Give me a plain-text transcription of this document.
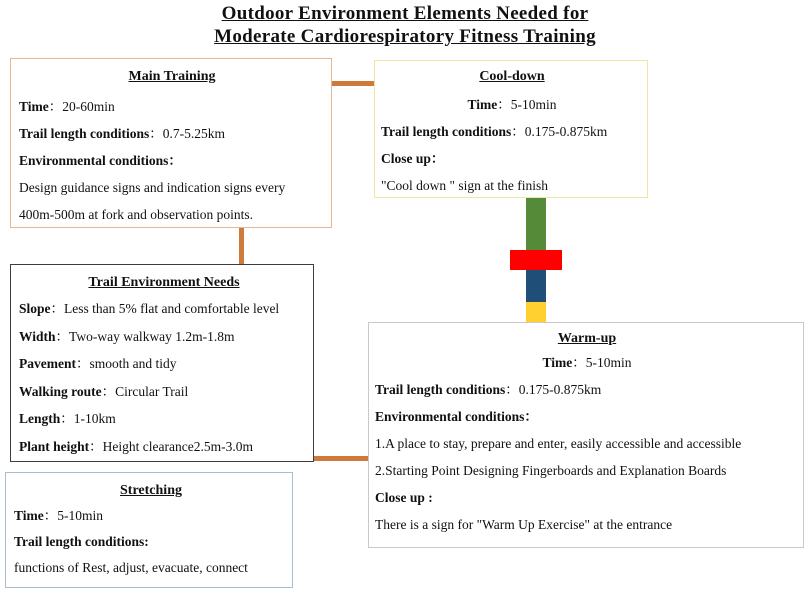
Outdoor Environment Elements Needed for
Moderate Cardiorespiratory Fitness Training
Main Training
Time：20-60min
Trail length conditions：0.7-5.25km
Environmental conditions：
Design guidance signs and indication signs every
400m-500m at fork and observation points.
Cool-down
Time：5-10min
Trail length conditions：0.175-0.875km
Close up：
"Cool down " sign at the finish
Trail Environment Needs
Slope：Less than 5% flat and comfortable level
Width：Two-way walkway 1.2m-1.8m
Pavement：smooth and tidy
Walking route：Circular Trail
Length：1-10km
Plant height：Height clearance2.5m-3.0m
Warm-up
Time：5-10min
Trail length conditions：0.175-0.875km
Environmental conditions：
1.A place to stay, prepare and enter, easily accessible and accessible
2.Starting Point Designing Fingerboards and Explanation Boards
Close up :
There is a sign for "Warm Up Exercise" at the entrance
Stretching
Time：5-10min
Trail length conditions:
functions of Rest, adjust, evacuate, connect
